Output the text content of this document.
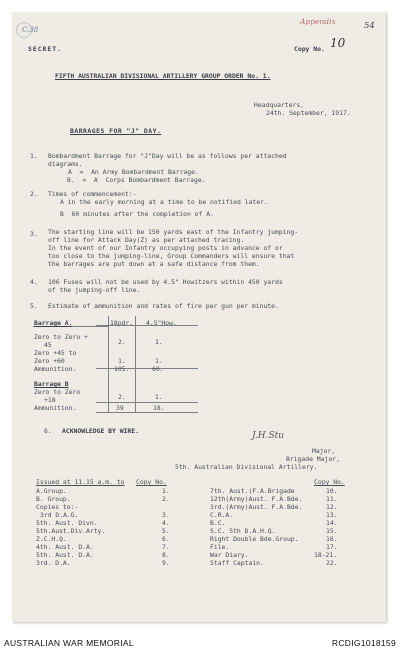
C.38
Appendix	54
SECRET.	Copy No. 10
FIFTH AUSTRALIAN DIVISIONAL ARTILLERY GROUP ORDER No. 1.
Headquarters,
24th. September, 1917.
BARRAGES FOR "J" DAY.
1. Bombardment Barrage for "J"Day will be as follows per attached
diagrams.
A  =  An Army Bombardment Barrage.
B.  =  A  Corps Bombardment Barrage.
2. Times of commencement:-
A in the early morning at a time to be notified later.
B  60 minutes after the completion of A.
3. The starting line will be 150 yards east of the Infantry jumping-
off line for Attack Day(Z) as per attached tracing.
In the event of our Infantry occupying posts in advance of or
too close to the jumping-line, Group Commanders will ensure that
the barrages are put down at a safe distance from them.
4. 106 Fuses will not be used by 4.5" Howitzers within 450 yards
of the jumping-off line.
5. Estimate of ammunition and rates of fire per gun per minute.
Barrage A.	18pdr. 4.5"How.
Zero to Zero +
2.	1.
45
Zero +45 to
Zero +60	1.	1.
Ammunition.	105.	60.
Barrage B
Zero to Zero
2.	1.
+18
Ammunition.	39	18.
6. ACKNOWLEDGE BY WIRE.	J.H.Stu
Major,
Brigade Major,
5th. Australian Divisional Artillery.
Issued at 11.15 a.m. to Copy No.	Copy No.
A.Group.	1.
B. Group.	2.
Copies to:-
3rd D.A.G.	3.
5th. Aust. Divn.	4.
5th.Aust.Div.Arty.	5.
Z.C.H.Q.	6.
4th. Aust. D.A.	7.
5th. Aust. D.A.	8.
3rd. D.A.	9.
7th. Aust.(F.A.Brigade	10.
12th(Army)Aust. F.A.Bde.	11.
3rd.(Army)Aust. F.A.Bde.	12.
C.R.A.	13.
B.C.	14.
S.C. 5th D.A.H.Q.	15.
Right Double Bde.Group.	16.
File.	17.
War Diary.	18-21.
Staff Captain.	22.
AUSTRALIAN WAR MEMORIAL	RCDIG1018159
